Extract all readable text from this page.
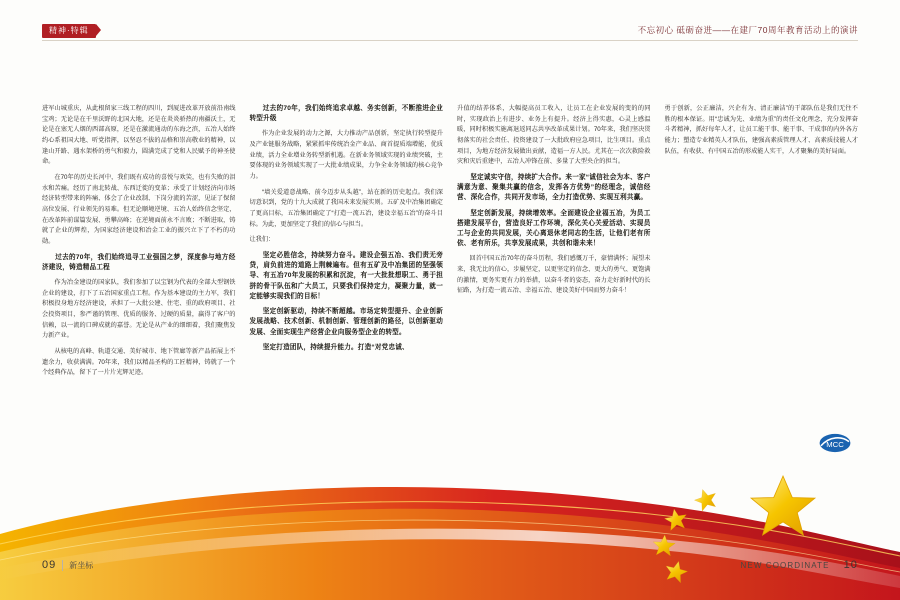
精神·特辑	不忘初心 砥砺奋进——在建厂70周年教育活动上的演讲

进军山城重庆，从此根留家三线工程的四川，到厦进改革开放前沿南线宝鸡；无论是在千里沃野的北国大地，还是在炎炎骄热的南疆沃土，无论是在塞无人烟的西部高原，还是在激流通动的东海之滨，五冶人始终约心系祖国大地、听党指挥，以坚忍不拔的品格和崇高敬业的精神，以逢山开路、遇水架桥的勇气和毅力，圆满完成了党和人民赋予的神圣使命。

在70年的历史长河中，我们既有成功的喜悦与欢笑，也有失败的泪水和苦痛。经历了南北转战、东西迁徙的变革；承受了计划经济向市场经济转型带来的阵痛、体会了企业改制、下岗分流的苦涩，见证了保留高位发展、行业领先的易难。但无论顺境逆境、五冶人始终信念坚定，在改革阵前谋篇发展、勇攀高峰；在逆境面前永不言败；不断进取，铸就了企业的辉煌，为国家经济建设和冶金工业的振兴立下了不朽的功勋。

过去的70年，我们始终追寻工业强国之梦，深度参与地方经济建设，铸造精品工程

作为冶金建设的国家队，我们参加了以宝钢为代表的全部大型钢铁企业的建设，打下了五冶国家重点工程。作为基本建设的主力军，我们积极投身地方经济建设，承担了一大批公建、住宅、重的政府项目、社会投资项目，参严谨的管理、优质的服务、过硬的质量，赢得了客户的信赖，以一流的口碑成就的嘉誉。无论是从产业的细细着，我们聚焦发力新产业。

从核电的高峰、轨道交通、美好城市、地下管廊等新产品拓展上不遗余力，收获满满。70年来，我们以精品圣构的工匠精神，铸就了一个个经典作品，留下了一片片光辉足迹。

过去的70年，我们始终追求卓越、务实创新，不断推进企业转型升级

作为企业发展的动力之源，大力推动产品创新，坚定执行转型提升及产业链服务战略，紧紧抓牢传统冶金产业品、商首提质端增能，优质业绩，活力全业增业务转型新机遇。在新业务领域实现的业绩突破，主要体现的业务领域实现了一大批业绩成果，力争全业务领域的核心竞争力。

“墙关爱道意战略、前今迈步从头越”，站在新的历史起点。我们深切意识到，党的十九大成就了我国未来发展实则。五矿及中冶集团确定了更高目标，五冶集团确定了“打造一流五冶，建设幸福五冶”的奋斗目标。为此，更加坚定了我们的信心与担当。

让我们：

坚定必胜信念，持续努力奋斗。建设企强五冶、我们责无旁贷，肩负前进的道路上荆棘遍布。但有五矿及中冶集团的坚强领导、有五冶70年发展的积累和沉淀，有一大批批想职工、勇于担拼的骨干队伍和广大员工，只要我们保持定力，凝聚力量，就一定能够实现我们的目标！

坚定创新驱动，持续不断超越。市场定转型提升、企业创新发展战略、技术创新、机制创新、管理创新的路径，以创新驱动发展、全面实现生产经营企业向服务型企业的转型。

坚定打造团队，持续提升能力。打造“对党忠诚、

升值的结养体系，大幅提高员工收入，让员工在企业发展的变的的同时，实现政治上有进步、业务上有提升。经济上得实惠，心灵上感温暖，同时积极实施离退返同志共享改革成果计划。70年来，我们坚决贯彻落实的社会责任、投资建设了一大批政府应急项目，比生项目。重点项目，为地方经济发展做出贡献，造福一方人民。尤其在一次次救险救灾和灾后重建中，五冶人冲锋在前、多量了大型央企的担当。

坚定诚实守信，持续扩大合作。来一家“诚信社会为本、客户满意为意、聚集共赢的信念，发挥各方优势”的经理念，诚信经营、深化合作，共同开发市场，全力打造优势、实现互利共赢。

坚定创新发展，持续增效率。全面建设企业福五冶，为员工搭建发展平台，营造良好工作环境，深化关心关爱活动、实现员工与企业的共同发展，关心离退休老同志的生活，让他们老有所依、老有所乐，共享发展成果，共创和谐未来！

回首中国五治70年的奋斗历程，我们感慨万千，豪情满怀；展望未来，我无比的信心，步履坚定，以更坚定的信念、更大的勇气、更饱满的激情，更务实更有力的举措，以奋斗者的姿态，奋力走好新时代的长征路，为打造一流五冶、幸福五冶、建设美好中国而努力奋斗！

勇于创新，公正廉洁，兴企有为、清正廉洁”的干部队伍是我们无往不胜的根本保证。用“忠诚为先、业绩为重”的责任文化理念，充分发挥奋斗者精神，抓好每年人才，让员工能干事、能干事、干成事的内外各方能力；塑造专业精英人才队伍，建强高素质管理人才、高素质技能人才队伍，有收获、有中国五冶的形成能人实干，人才聚集的美好局面。

MCC
09 新坐标	NEW COORDINATE 10
